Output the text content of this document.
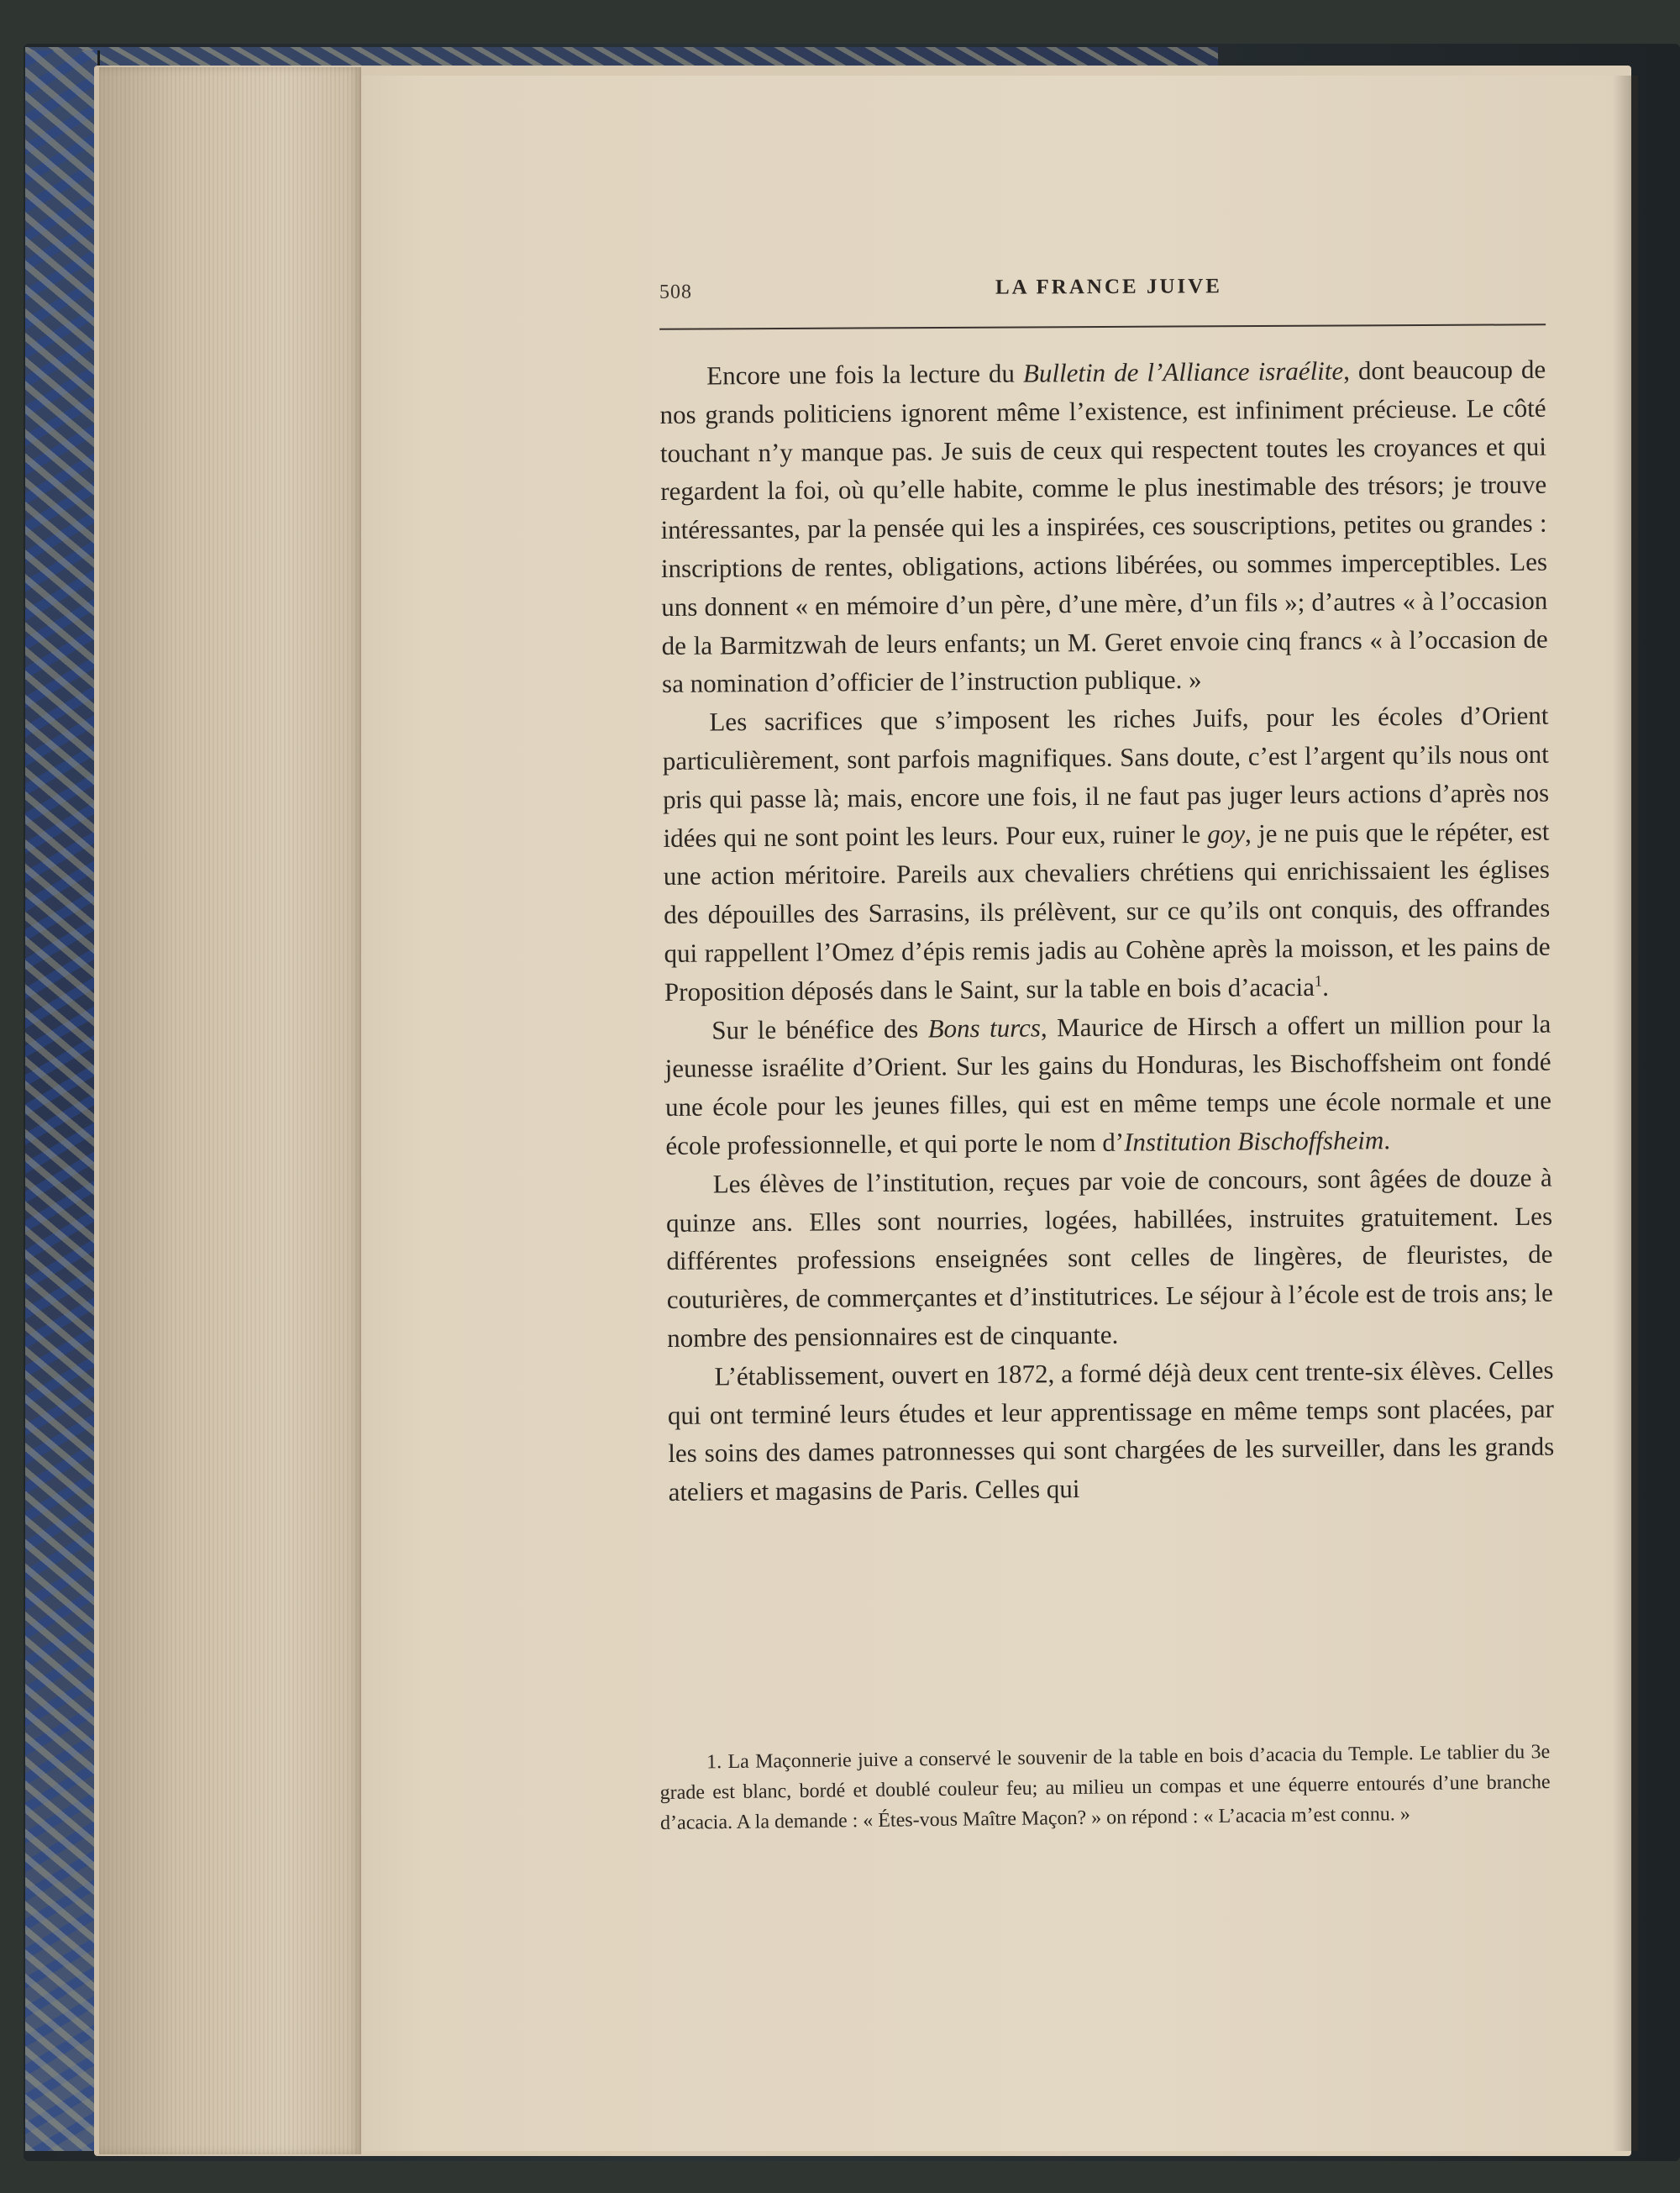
508	LA FRANCE JUIVE

Encore une fois la lecture du Bulletin de l’Alliance israélite, dont beaucoup de nos grands politiciens ignorent même l’existence, est infiniment précieuse. Le côté touchant n’y manque pas. Je suis de ceux qui respectent toutes les croyances et qui regardent la foi, où qu’elle habite, comme le plus inestimable des trésors; je trouve intéressantes, par la pensée qui les a inspirées, ces souscriptions, petites ou grandes : inscriptions de rentes, obligations, actions libérées, ou sommes imperceptibles. Les uns donnent « en mémoire d’un père, d’une mère, d’un fils »; d’autres « à l’occasion de la Barmitzwah de leurs enfants; un M. Geret envoie cinq francs « à l’occasion de sa nomination d’officier de l’instruction publique. »

Les sacrifices que s’imposent les riches Juifs, pour les écoles d’Orient particulièrement, sont parfois magnifiques. Sans doute, c’est l’argent qu’ils nous ont pris qui passe là; mais, encore une fois, il ne faut pas juger leurs actions d’après nos idées qui ne sont point les leurs. Pour eux, ruiner le goy, je ne puis que le répéter, est une action méritoire. Pareils aux chevaliers chrétiens qui enrichissaient les églises des dépouilles des Sarrasins, ils prélèvent, sur ce qu’ils ont conquis, des offrandes qui rappellent l’Omez d’épis remis jadis au Cohène après la moisson, et les pains de Proposition déposés dans le Saint, sur la table en bois d’acacia$^1$.

Sur le bénéfice des Bons turcs, Maurice de Hirsch a offert un million pour la jeunesse israélite d’Orient. Sur les gains du Honduras, les Bischoffsheim ont fondé une école pour les jeunes filles, qui est en même temps une école normale et une école professionnelle, et qui porte le nom d’Institution Bischoffsheim.

Les élèves de l’institution, reçues par voie de concours, sont âgées de douze à quinze ans. Elles sont nourries, logées, habillées, instruites gratuitement. Les différentes professions enseignées sont celles de lingères, de fleuristes, de couturières, de commerçantes et d’institutrices. Le séjour à l’école est de trois ans; le nombre des pensionnaires est de cinquante.

L’établissement, ouvert en 1872, a formé déjà deux cent trente-six élèves. Celles qui ont terminé leurs études et leur apprentissage en même temps sont placées, par les soins des dames patronnesses qui sont chargées de les surveiller, dans les grands ateliers et magasins de Paris. Celles qui

1. La Maçonnerie juive a conservé le souvenir de la table en bois d’acacia du Temple. Le tablier du 3e grade est blanc, bordé et doublé couleur feu; au milieu un compas et une équerre entourés d’une branche d’acacia. A la demande : « Étes-vous Maître Maçon? » on répond : « L’acacia m’est connu. »
